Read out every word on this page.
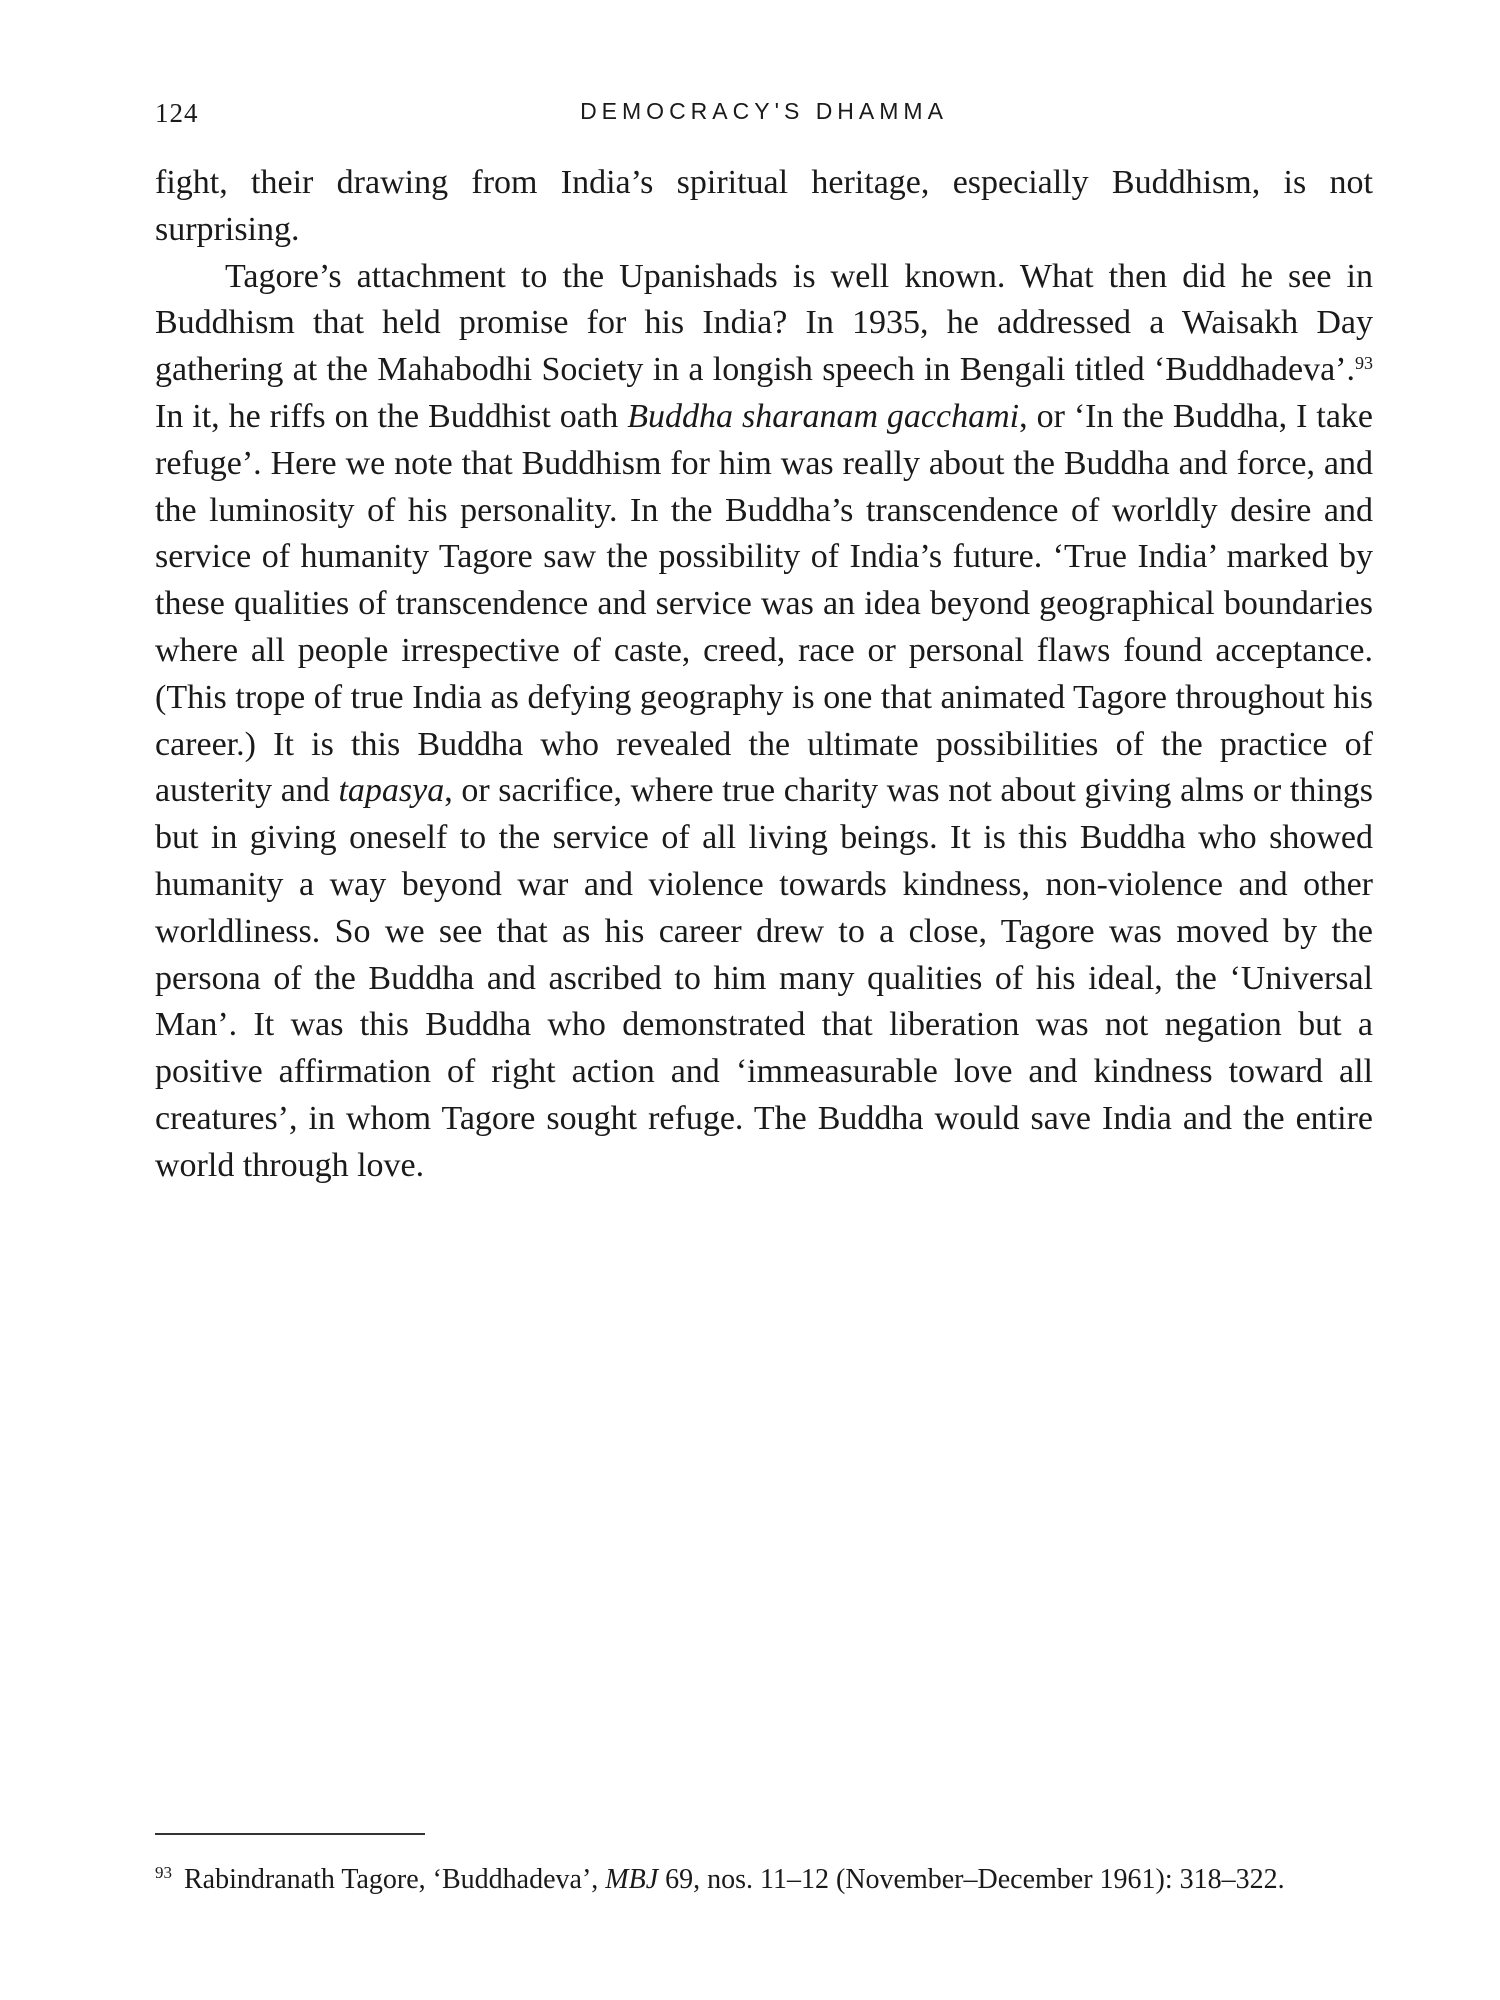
124	DEMOCRACY'S DHAMMA

fight, their drawing from India’s spiritual heritage, especially Buddhism, is not surprising.

Tagore’s attachment to the Upanishads is well known. What then did he see in Buddhism that held promise for his India? In 1935, he addressed a Waisakh Day gathering at the Mahabodhi Society in a longish speech in Bengali titled ‘Buddhadeva’.$^{93}$ In it, he riffs on the Buddhist oath Buddha sharanam gacchami, or ‘In the Buddha, I take refuge’. Here we note that Buddhism for him was really about the Buddha and force, and the luminosity of his personality. In the Buddha’s transcendence of worldly desire and service of humanity Tagore saw the possibility of India’s future. ‘True India’ marked by these qualities of transcendence and service was an idea beyond geographical boundaries where all people irrespective of caste, creed, race or personal flaws found acceptance. (This trope of true India as defying geography is one that animated Tagore throughout his career.) It is this Buddha who revealed the ultimate possibilities of the practice of austerity and tapasya, or sacrifice, where true charity was not about giving alms or things but in giving oneself to the service of all living beings. It is this Buddha who showed humanity a way beyond war and violence towards kindness, non-violence and other worldliness. So we see that as his career drew to a close, Tagore was moved by the persona of the Buddha and ascribed to him many qualities of his ideal, the ‘Universal Man’. It was this Buddha who demonstrated that liberation was not negation but a positive affirmation of right action and ‘immeasurable love and kindness toward all creatures’, in whom Tagore sought refuge. The Buddha would save India and the entire world through love.

$^{93}$ Rabindranath Tagore, ‘Buddhadeva’, MBJ 69, nos. 11–12 (November–December 1961): 318–322.
